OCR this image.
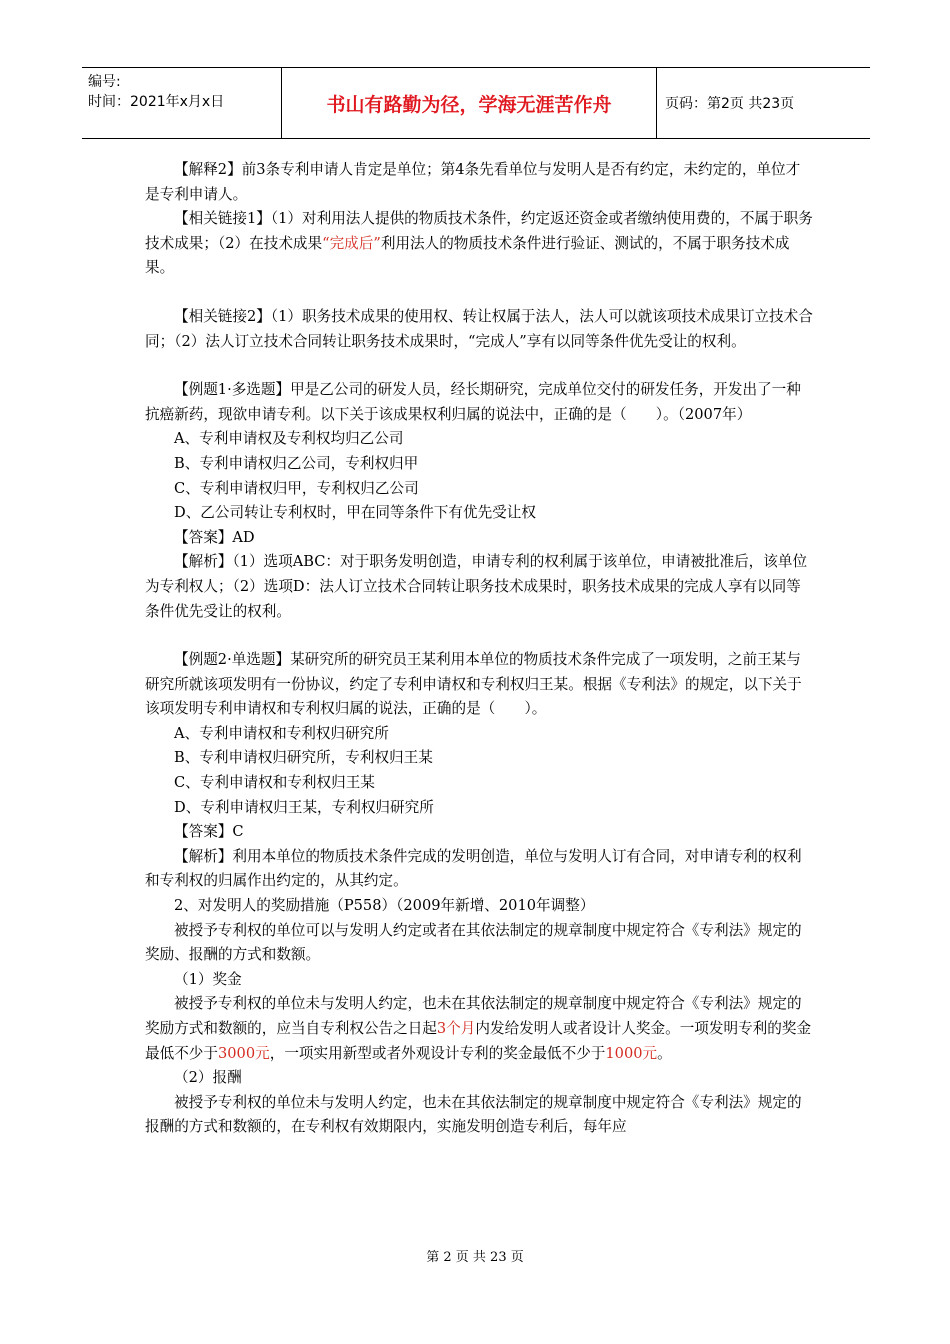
编号:
时间：2021年x月x日	书山有路勤为径，学海无涯苦作舟	页码：第2页 共23页

【解释2】前3条专利申请人肯定是单位；第4条先看单位与发明人是否有约定，未约定的，单位才是专利申请人。

【相关链接1】（1）对利用法人提供的物质技术条件，约定返还资金或者缴纳使用费的，不属于职务技术成果；（2）在技术成果“完成后”利用法人的物质技术条件进行验证、测试的，不属于职务技术成果。

【相关链接2】（1）职务技术成果的使用权、转让权属于法人，法人可以就该项技术成果订立技术合同；（2）法人订立技术合同转让职务技术成果时，“完成人”享有以同等条件优先受让的权利。

【例题1·多选题】甲是乙公司的研发人员，经长期研究，完成单位交付的研发任务，开发出了一种抗癌新药，现欲申请专利。以下关于该成果权利归属的说法中，正确的是（　　）。（2007年）

A、专利申请权及专利权均归乙公司

B、专利申请权归乙公司，专利权归甲

C、专利申请权归甲，专利权归乙公司

D、乙公司转让专利权时，甲在同等条件下有优先受让权

【答案】AD

【解析】（1）选项ABC：对于职务发明创造，申请专利的权利属于该单位，申请被批准后，该单位为专利权人；（2）选项D：法人订立技术合同转让职务技术成果时，职务技术成果的完成人享有以同等条件优先受让的权利。

【例题2·单选题】某研究所的研究员王某利用本单位的物质技术条件完成了一项发明，之前王某与研究所就该项发明有一份协议，约定了专利申请权和专利权归王某。根据《专利法》的规定，以下关于该项发明专利申请权和专利权归属的说法，正确的是（　　）。

A、专利申请权和专利权归研究所

B、专利申请权归研究所，专利权归王某

C、专利申请权和专利权归王某

D、专利申请权归王某，专利权归研究所

【答案】C

【解析】利用本单位的物质技术条件完成的发明创造，单位与发明人订有合同，对申请专利的权利和专利权的归属作出约定的，从其约定。

2、对发明人的奖励措施（P558）（2009年新增、2010年调整）

被授予专利权的单位可以与发明人约定或者在其依法制定的规章制度中规定符合《专利法》规定的奖励、报酬的方式和数额。

（1）奖金

被授予专利权的单位未与发明人约定，也未在其依法制定的规章制度中规定符合《专利法》规定的奖励方式和数额的，应当自专利权公告之日起3个月内发给发明人或者设计人奖金。一项发明专利的奖金最低不少于3000元，一项实用新型或者外观设计专利的奖金最低不少于1000元。

（2）报酬

被授予专利权的单位未与发明人约定，也未在其依法制定的规章制度中规定符合《专利法》规定的报酬的方式和数额的，在专利权有效期限内，实施发明创造专利后，每年应

第 2 页 共 23 页
